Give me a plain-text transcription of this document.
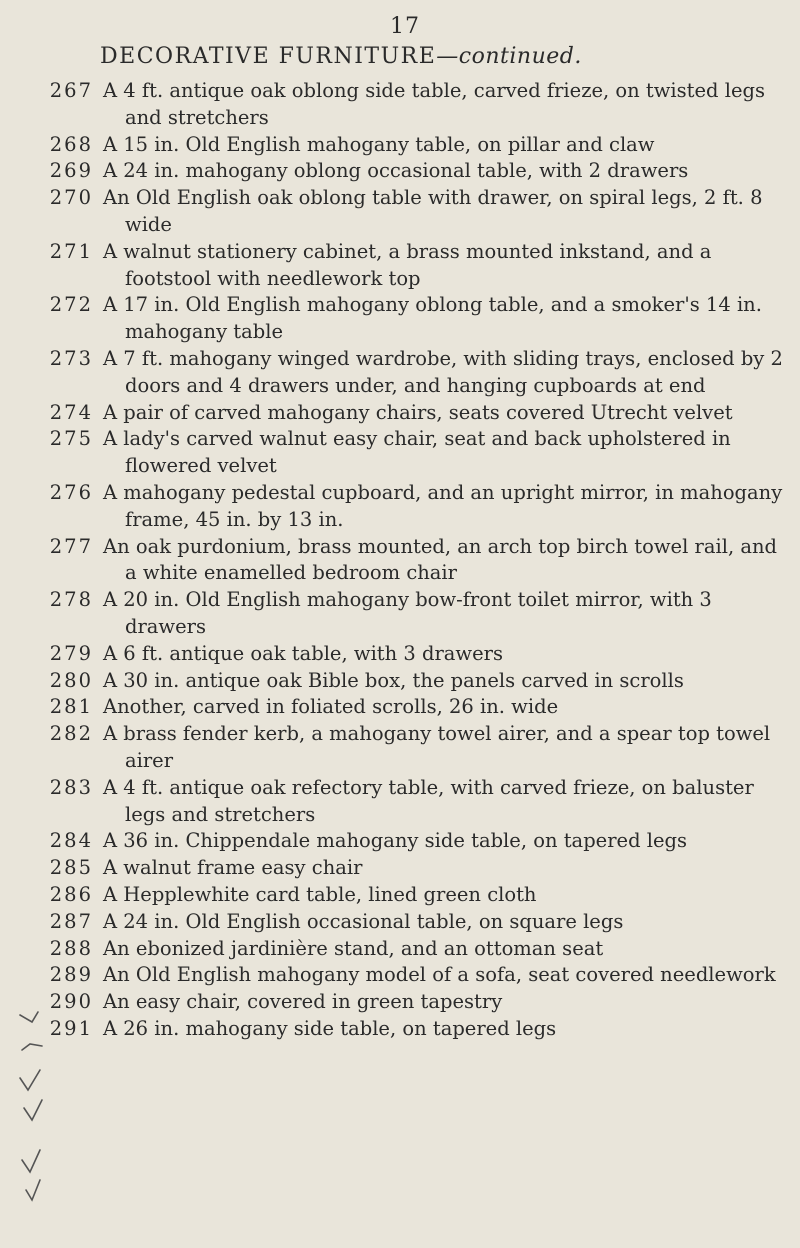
17
DECORATIVE FURNITURE—continued.
267 A 4 ft. antique oak oblong side table, carved frieze, on twisted legs and stretchers
268 A 15 in. Old English mahogany table, on pillar and claw
269 A 24 in. mahogany oblong occasional table, with 2 drawers
270 An Old English oak oblong table with drawer, on spiral legs, 2 ft. 8 wide
271 A walnut stationery cabinet, a brass mounted inkstand, and a footstool with needlework top
272 A 17 in. Old English mahogany oblong table, and a smoker's 14 in. mahogany table
273 A 7 ft. mahogany winged wardrobe, with sliding trays, enclosed by 2 doors and 4 drawers under, and hanging cupboards at end
274 A pair of carved mahogany chairs, seats covered Utrecht velvet
275 A lady's carved walnut easy chair, seat and back upholstered in flowered velvet
276 A mahogany pedestal cupboard, and an upright mirror, in mahogany frame, 45 in. by 13 in.
277 An oak purdonium, brass mounted, an arch top birch towel rail, and a white enamelled bedroom chair
278 A 20 in. Old English mahogany bow-front toilet mirror, with 3 drawers
279 A 6 ft. antique oak table, with 3 drawers
280 A 30 in. antique oak Bible box, the panels carved in scrolls
281 Another, carved in foliated scrolls, 26 in. wide
282 A brass fender kerb, a mahogany towel airer, and a spear top towel airer
283 A 4 ft. antique oak refectory table, with carved frieze, on baluster legs and stretchers
284 A 36 in. Chippendale mahogany side table, on tapered legs
285 A walnut frame easy chair
286 A Hepplewhite card table, lined green cloth
287 A 24 in. Old English occasional table, on square legs
288 An ebonized jardinière stand, and an ottoman seat
289 An Old English mahogany model of a sofa, seat covered needlework
290 An easy chair, covered in green tapestry
291 A 26 in. mahogany side table, on tapered legs
